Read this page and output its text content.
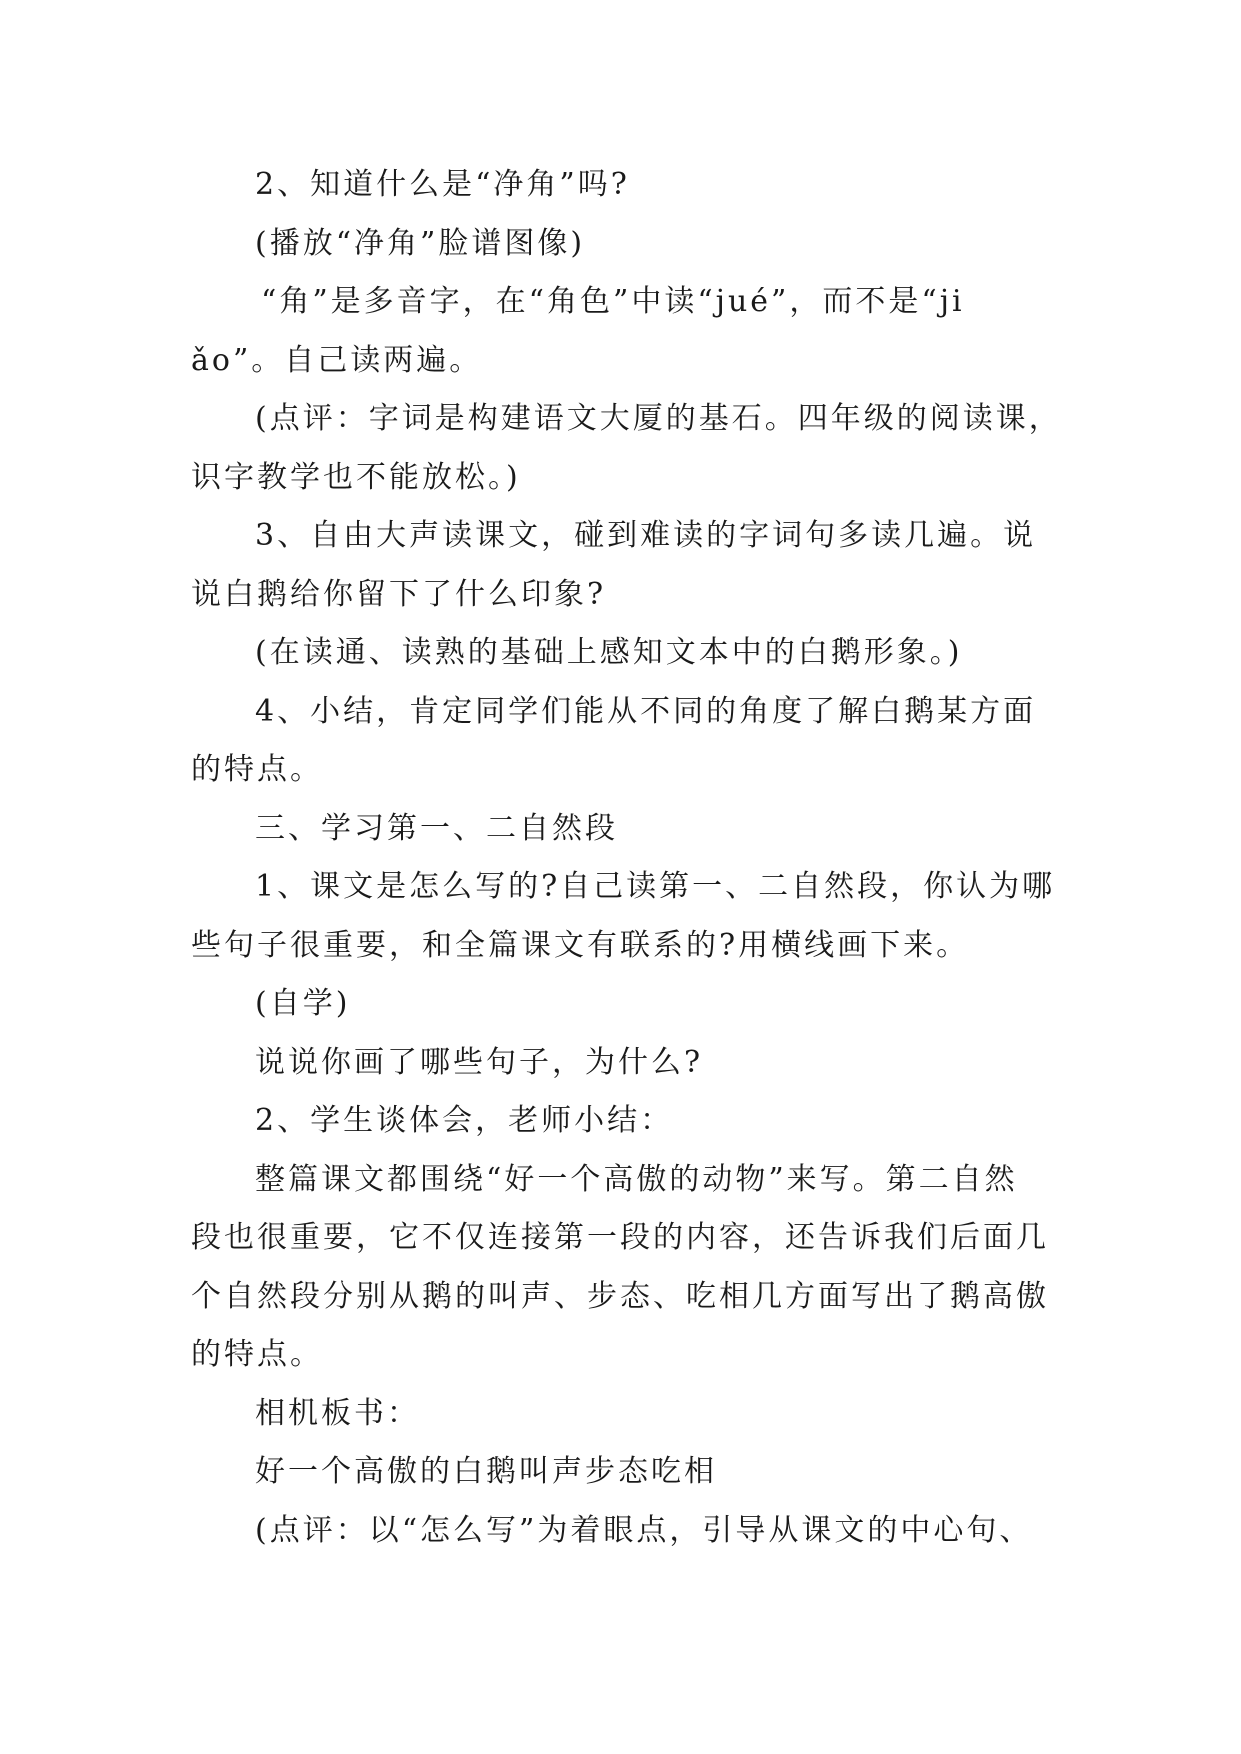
2、知道什么是“净角”吗?
(播放“净角”脸谱图像)
“角”是多音字，在“角色”中读“jué”，而不是“ji
ǎo”。自己读两遍。
(点评：字词是构建语文大厦的基石。四年级的阅读课，
识字教学也不能放松。)
3、自由大声读课文，碰到难读的字词句多读几遍。说
说白鹅给你留下了什么印象?
(在读通、读熟的基础上感知文本中的白鹅形象。)
4、小结，肯定同学们能从不同的角度了解白鹅某方面
的特点。
三、学习第一、二自然段
1、课文是怎么写的?自己读第一、二自然段，你认为哪
些句子很重要，和全篇课文有联系的?用横线画下来。
(自学)
说说你画了哪些句子，为什么?
2、学生谈体会，老师小结：
整篇课文都围绕“好一个高傲的动物”来写。第二自然
段也很重要，它不仅连接第一段的内容，还告诉我们后面几
个自然段分别从鹅的叫声、步态、吃相几方面写出了鹅高傲
的特点。
相机板书：
好一个高傲的白鹅叫声步态吃相
(点评：以“怎么写”为着眼点，引导从课文的中心句、
